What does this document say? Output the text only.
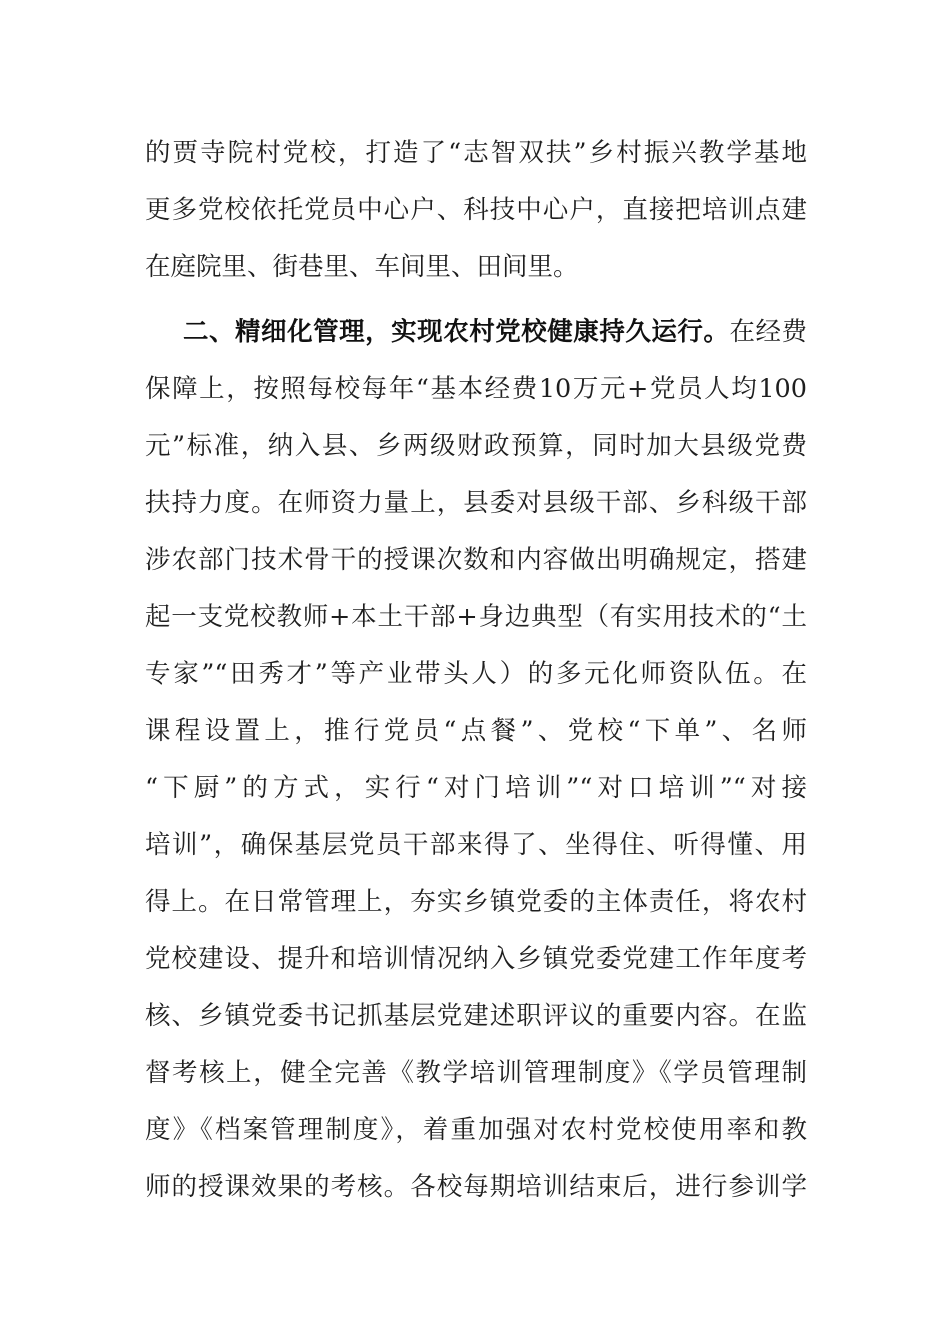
的贾寺院村党校，打造了“志智双扶”乡村振兴教学基地
更多党校依托党员中心户、科技中心户，直接把培训点建
在庭院里、街巷里、车间里、田间里。
二、精细化管理，实现农村党校健康持久运行。在经费
保障上，按照每校每年“基本经费10万元+党员人均100
元”标准，纳入县、乡两级财政预算，同时加大县级党费
扶持力度。在师资力量上，县委对县级干部、乡科级干部
涉农部门技术骨干的授课次数和内容做出明确规定，搭建
起一支党校教师+本土干部+身边典型（有实用技术的“土
专家”“田秀才”等产业带头人）的多元化师资队伍。在
课程设置上，推行党员“点餐”、党校“下单”、名师
“下厨”的方式，实行“对门培训”“对口培训”“对接
培训”，确保基层党员干部来得了、坐得住、听得懂、用
得上。在日常管理上，夯实乡镇党委的主体责任，将农村
党校建设、提升和培训情况纳入乡镇党委党建工作年度考
核、乡镇党委书记抓基层党建述职评议的重要内容。在监
督考核上，健全完善《教学培训管理制度》《学员管理制
度》《档案管理制度》，着重加强对农村党校使用率和教
师的授课效果的考核。各校每期培训结束后，进行参训学
